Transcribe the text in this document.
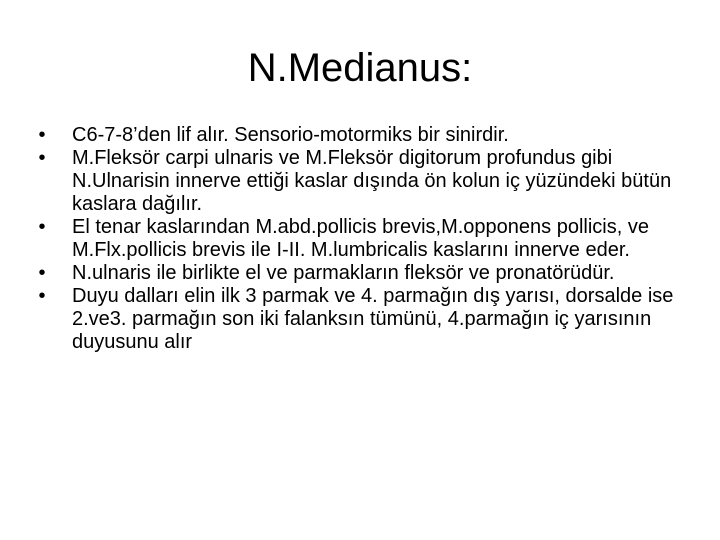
N.Medianus:
• C6-7-8’den lif alır. Sensorio-motormiks bir sinirdir.
• M.Fleksör carpi ulnaris ve M.Fleksör digitorum profundus gibi N.Ulnarisin innerve ettiği kaslar dışında ön kolun iç yüzündeki bütün kaslara dağılır.
• El tenar kaslarından M.abd.pollicis brevis,M.opponens pollicis, ve M.Flx.pollicis brevis ile I-II. M.lumbricalis kaslarını innerve eder.
• N.ulnaris ile birlikte el ve parmakların fleksör ve pronatörüdür.
• Duyu dalları elin ilk 3 parmak ve 4. parmağın dış yarısı, dorsalde ise 2.ve3. parmağın son iki falanksın tümünü, 4.parmağın iç yarısının duyusunu alır
